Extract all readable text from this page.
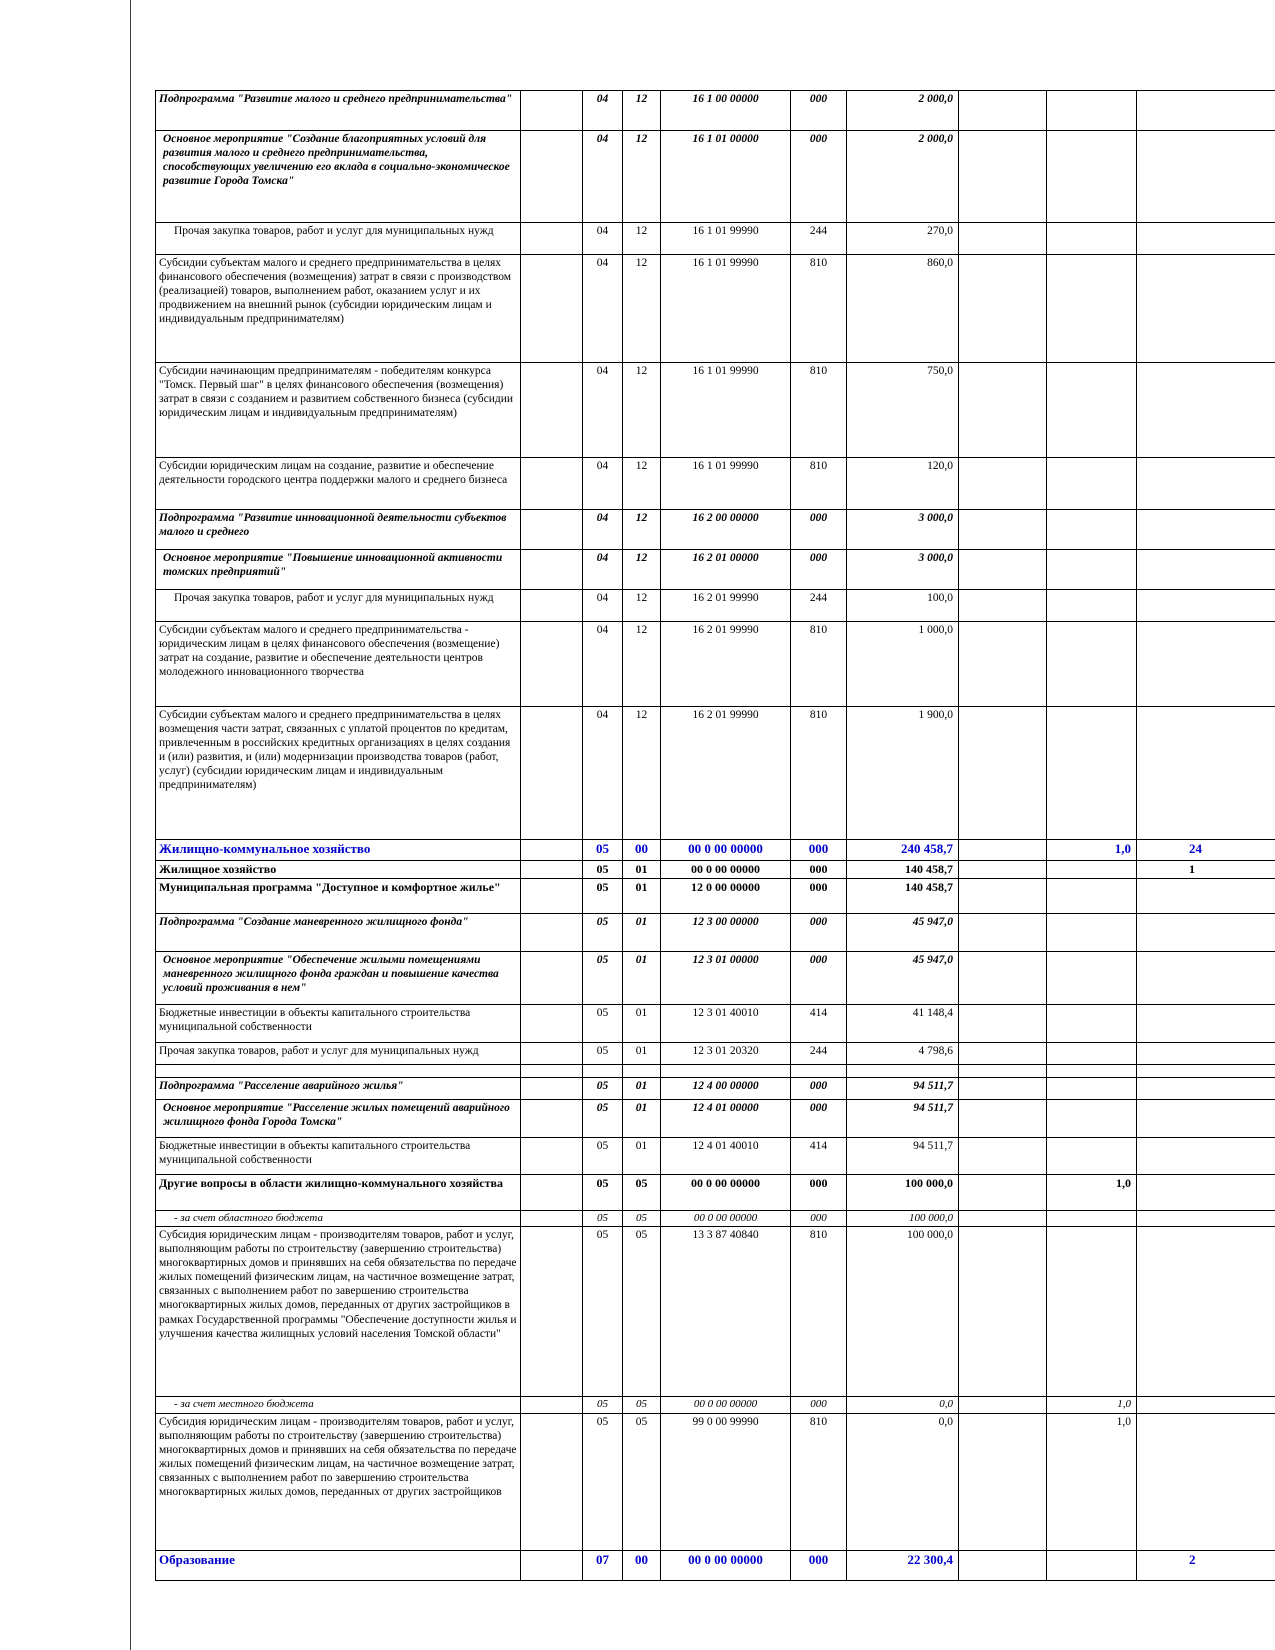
Подпрограмма "Развитие малого и среднего предпринимательства"		04	12	16 1 00 00000	000	2 000,0			
Основное мероприятие "Создание благоприятных условий для развития малого и среднего предпринимательства, способствующих увеличению его вклада в социально-экономическое развитие Города Томска"		04	12	16 1 01 00000	000	2 000,0			
Прочая закупка товаров, работ и услуг для муниципальных нужд		04	12	16 1 01 99990	244	270,0			
Субсидии субъектам малого и среднего предпринимательства в целях финансового обеспечения (возмещения) затрат в связи с производством (реализацией) товаров, выполнением работ, оказанием услуг и их продвижением на внешний рынок (субсидии юридическим лицам и индивидуальным предпринимателям)		04	12	16 1 01 99990	810	860,0			
Субсидии начинающим предпринимателям - победителям конкурса "Томск. Первый шаг" в целях финансового обеспечения (возмещения) затрат в связи с созданием и развитием собственного бизнеса (субсидии юридическим лицам и индивидуальным предпринимателям)		04	12	16 1 01 99990	810	750,0			
Субсидии юридическим лицам на создание, развитие и обеспечение деятельности городского центра поддержки малого и среднего бизнеса		04	12	16 1 01 99990	810	120,0			
Подпрограмма "Развитие инновационной деятельности субъектов малого и среднего		04	12	16 2 00 00000	000	3 000,0			
Основное мероприятие "Повышение инновационной активности томских предприятий"		04	12	16 2 01 00000	000	3 000,0			
Прочая закупка товаров, работ и услуг для муниципальных нужд		04	12	16 2 01 99990	244	100,0			
Субсидии субъектам малого и среднего предпринимательства - юридическим лицам в целях финансового обеспечения (возмещение) затрат на создание, развитие и обеспечение деятельности центров молодежного инновационного творчества		04	12	16 2 01 99990	810	1 000,0			
Субсидии субъектам малого и среднего предпринимательства в целях возмещения части затрат, связанных с уплатой процентов по кредитам, привлеченным в российских кредитных организациях в целях создания и (или) развития, и (или) модернизации производства товаров (работ, услуг) (субсидии юридическим лицам и индивидуальным предпринимателям)		04	12	16 2 01 99990	810	1 900,0			
Жилищно-коммунальное хозяйство		05	00	00 0 00 00000	000	240 458,7		1,0	24
Жилищное хозяйство		05	01	00 0 00 00000	000	140 458,7			1
Муниципальная программа "Доступное и комфортное жилье"		05	01	12 0 00 00000	000	140 458,7			
Подпрограмма "Создание маневренного жилищного фонда"		05	01	12 3 00 00000	000	45 947,0			
Основное мероприятие "Обеспечение жилыми помещениями маневренного жилищного фонда граждан и повышение качества условий проживания в нем"		05	01	12 3 01 00000	000	45 947,0			
Бюджетные инвестиции в объекты капитального строительства муниципальной собственности		05	01	12 3 01 40010	414	41 148,4			
Прочая закупка товаров, работ и услуг для муниципальных нужд		05	01	12 3 01 20320	244	4 798,6			

Подпрограмма "Расселение аварийного жилья"		05	01	12 4 00 00000	000	94 511,7			
Основное мероприятие "Расселение жилых помещений аварийного жилищного фонда Города Томска"		05	01	12 4 01 00000	000	94 511,7			
Бюджетные инвестиции в объекты капитального строительства муниципальной собственности		05	01	12 4 01 40010	414	94 511,7			
Другие вопросы в области жилищно-коммунального хозяйства		05	05	00 0 00 00000	000	100 000,0		1,0	
- за счет областного бюджета		05	05	00 0 00 00000	000	100 000,0			
Субсидия юридическим лицам - производителям товаров, работ и услуг, выполняющим работы по строительству (завершению строительства) многоквартирных домов и принявших на себя обязательства по передаче жилых помещений физическим лицам, на частичное возмещение затрат, связанных с выполнением работ по завершению строительства многоквартирных жилых домов, переданных от других застройщиков в рамках Государственной программы "Обеспечение доступности жилья и улучшения качества жилищных условий населения Томской области"		05	05	13 3 87 40840	810	100 000,0			
- за счет местного бюджета		05	05	00 0 00 00000	000	0,0		1,0	
Субсидия юридическим лицам - производителям товаров, работ и услуг, выполняющим работы по строительству (завершению строительства) многоквартирных домов и принявших на себя обязательства по передаче жилых помещений физическим лицам, на частичное возмещение затрат, связанных с выполнением работ по завершению строительства многоквартирных жилых домов, переданных от других застройщиков		05	05	99 0 00 99990	810	0,0		1,0	
Образование		07	00	00 0 00 00000	000	22 300,4			2
